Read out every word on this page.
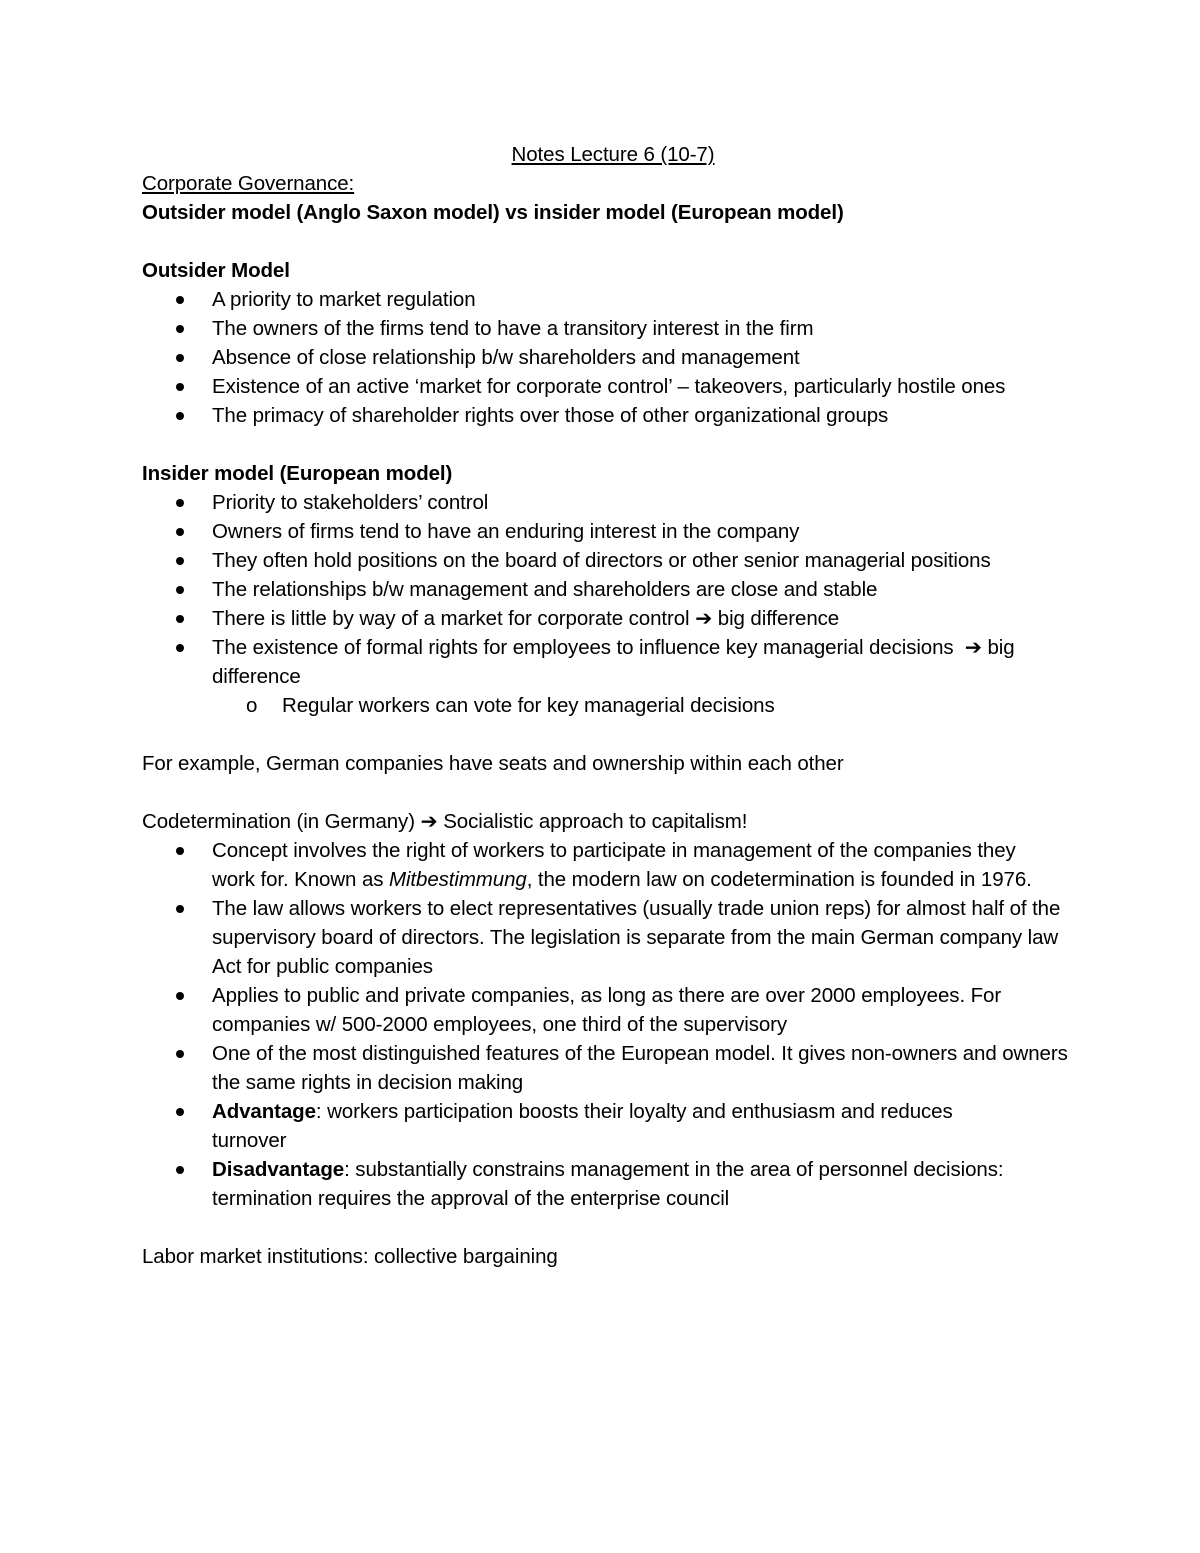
Notes Lecture 6 (10-7)

Corporate Governance:

Outsider model (Anglo Saxon model) vs insider model (European model)

Outsider Model

A priority to market regulation
The owners of the firms tend to have a transitory interest in the firm
Absence of close relationship b/w shareholders and management
Existence of an active ‘market for corporate control’ – takeovers, particularly hostile ones
The primacy of shareholder rights over those of other organizational groups

Insider model (European model)

Priority to stakeholders’ control
Owners of firms tend to have an enduring interest in the company
They often hold positions on the board of directors or other senior managerial positions
The relationships b/w management and shareholders are close and stable
There is little by way of a market for corporate control ➔ big difference
The existence of formal rights for employees to influence key managerial decisions ➔ big difference
o Regular workers can vote for key managerial decisions

For example, German companies have seats and ownership within each other

Codetermination (in Germany) ➔ Socialistic approach to capitalism!

Concept involves the right of workers to participate in management of the companies they work for. Known as Mitbestimmung, the modern law on codetermination is founded in 1976.
The law allows workers to elect representatives (usually trade union reps) for almost half of the supervisory board of directors. The legislation is separate from the main German company law Act for public companies
Applies to public and private companies, as long as there are over 2000 employees. For companies w/ 500-2000 employees, one third of the supervisory
One of the most distinguished features of the European model. It gives non-owners and owners the same rights in decision making
Advantage: workers participation boosts their loyalty and enthusiasm and reduces turnover
Disadvantage: substantially constrains management in the area of personnel decisions: termination requires the approval of the enterprise council

Labor market institutions: collective bargaining
